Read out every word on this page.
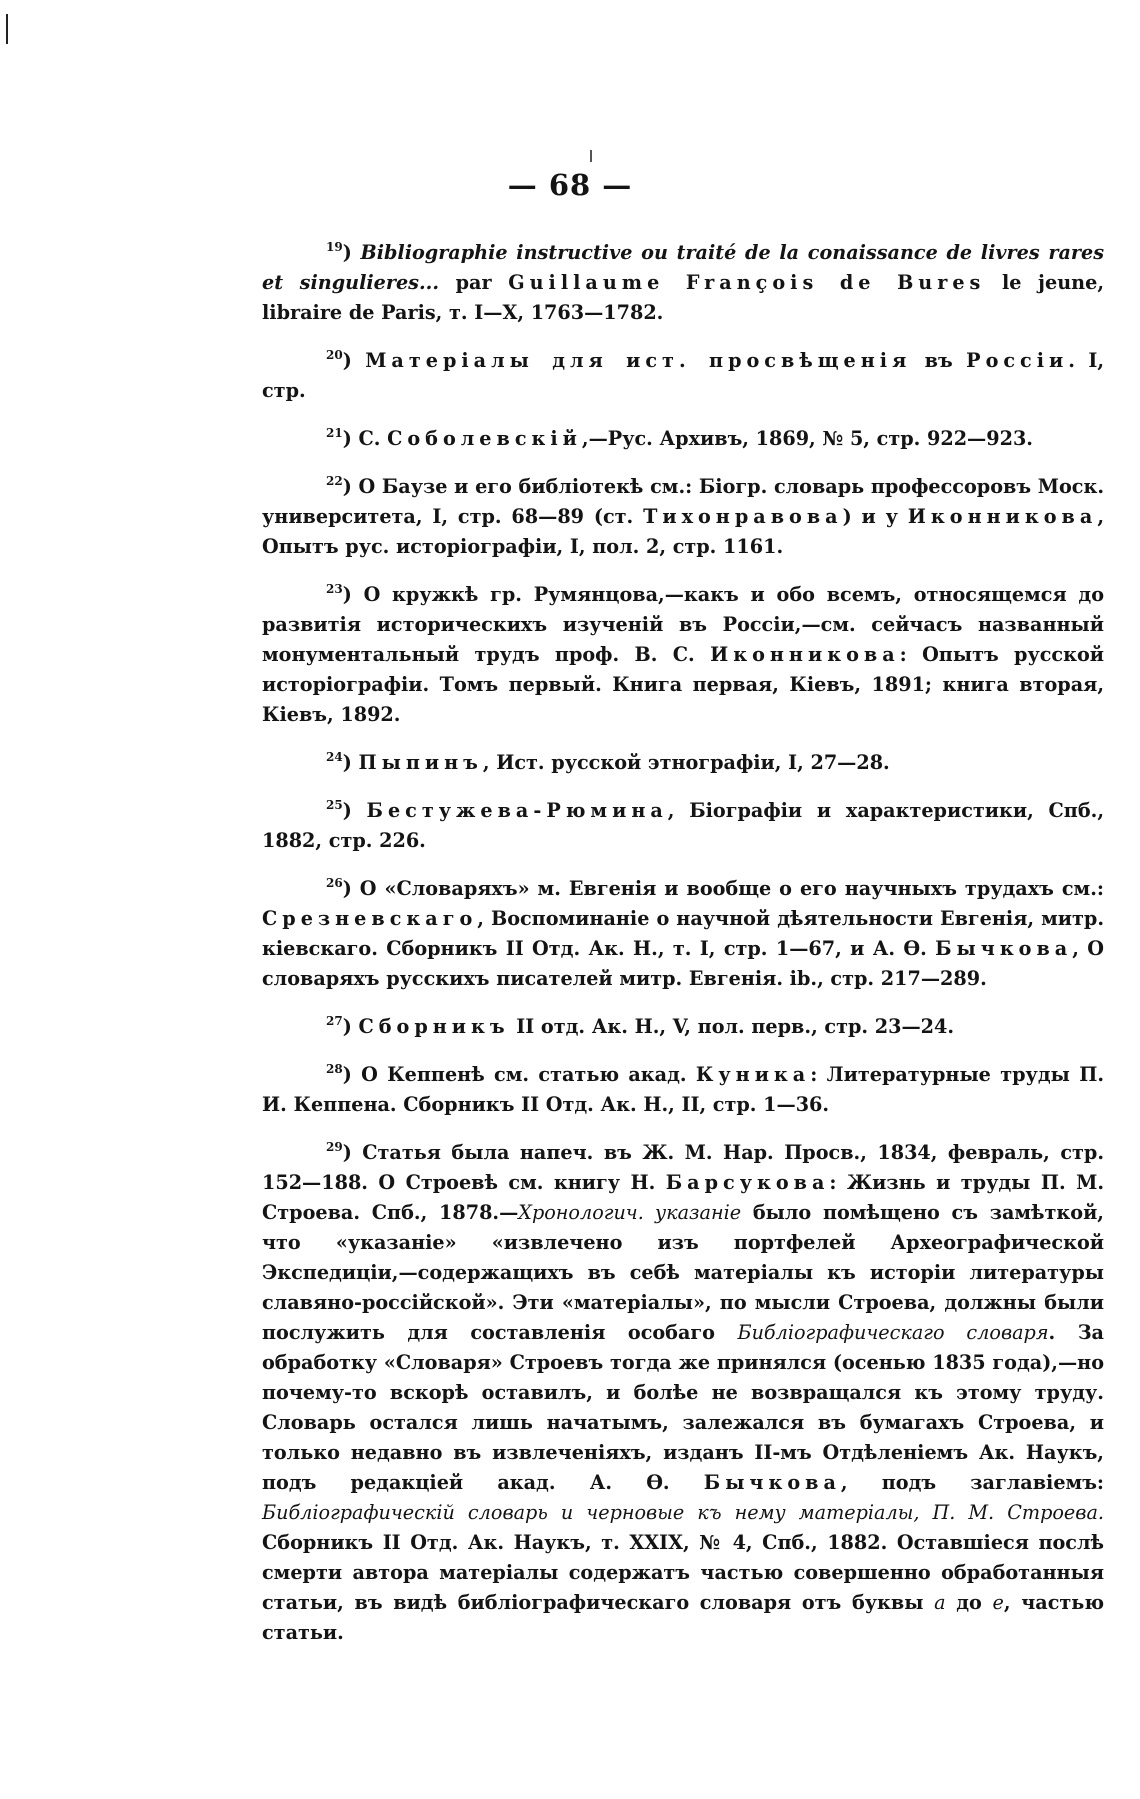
— 68 —

$^{19}$) Bibliographie instructive ou traité de la conaissance de livres rares et singulieres... par Guillaume François de Bures le jeune, libraire de Paris, т. I—X, 1763—1782.

$^{20}$) Матеріалы для ист. просвѣщенія въ Россіи. I, стр.

$^{21}$) С. Соболевскій,—Рус. Архивъ, 1869, № 5, стр. 922—923.

$^{22}$) О Баузе и его библіотекѣ см.: Біогр. словарь профессоровъ Моск. университета, I, стр. 68—89 (ст. Тихонравова) и у Иконникова, Опытъ рус. исторіографіи, I, пол. 2, стр. 1161.

$^{23}$) О кружкѣ гр. Румянцова,—какъ и обо всемъ, относящемся до развитія историческихъ изученій въ Россіи,—см. сейчасъ названный монументальный трудъ проф. В. С. Иконникова: Опытъ русской исторіографіи. Томъ первый. Книга первая, Кіевъ, 1891; книга вторая, Кіевъ, 1892.

$^{24}$) Пыпинъ, Ист. русской этнографіи, I, 27—28.

$^{25}$) Бестужева-Рюмина, Біографіи и характеристики, Спб., 1882, стр. 226.

$^{26}$) О «Словаряхъ» м. Евгенія и вообще о его научныхъ трудахъ см.: Срезневскаго, Воспоминаніе о научной дѣятельности Евгенія, митр. кіевскаго. Сборникъ II Отд. Ак. Н., т. I, стр. 1—67, и А. Ѳ. Бычкова, О словаряхъ русскихъ писателей митр. Евгенія. ib., стр. 217—289.

$^{27}$) Сборникъ II отд. Ак. Н., V, пол. перв., стр. 23—24.

$^{28}$) О Кеппенѣ см. статью акад. Куника: Литературные труды П. И. Кеппена. Сборникъ II Отд. Ак. Н., II, стр. 1—36.

$^{29}$) Статья была напеч. въ Ж. М. Нар. Просв., 1834, февраль, стр. 152—188. О Строевѣ см. книгу Н. Барсукова: Жизнь и труды П. М. Строева. Спб., 1878.—Хронологич. указаніе было помѣщено съ замѣткой, что «указаніе» «извлечено изъ портфелей Археографической Экспедиціи,—содержащихъ въ себѣ матеріалы къ исторіи литературы славяно-россійской». Эти «матеріалы», по мысли Строева, должны были послужить для составленія особаго Библіографическаго словаря. За обработку «Словаря» Строевъ тогда же принялся (осенью 1835 года),—но почему-то вскорѣ оставилъ, и болѣе не возвращался къ этому труду. Словарь остался лишь начатымъ, залежался въ бумагахъ Строева, и только недавно въ извлеченіяхъ, изданъ II-мъ Отдѣленіемъ Ак. Наукъ, подъ редакціей акад. А. Ѳ. Бычкова, подъ заглавіемъ: Библіографическій словарь и черновые къ нему матеріалы, П. М. Строева. Сборникъ II Отд. Ак. Наукъ, т. XXIX, № 4, Спб., 1882. Оставшіеся послѣ смерти автора матеріалы содержатъ частью совершенно обработанныя статьи, въ видѣ библіографическаго словаря отъ буквы а до е, частью статьи.
